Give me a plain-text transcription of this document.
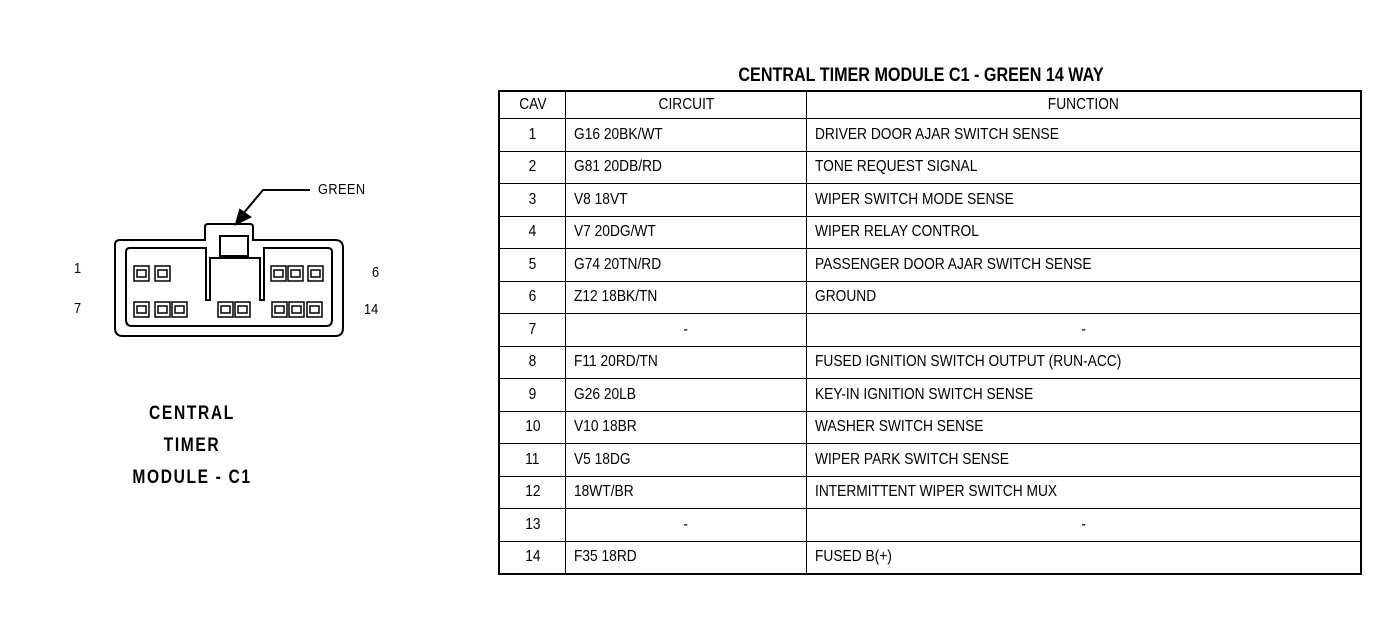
GREEN
1	6
7	14
CENTRAL TIMER
MODULE - C1
CENTRAL TIMER MODULE C1 - GREEN 14 WAY
CAV	CIRCUIT	FUNCTION
1	G16 20BK/WT	DRIVER DOOR AJAR SWITCH SENSE
2	G81 20DB/RD	TONE REQUEST SIGNAL
3	V8 18VT	WIPER SWITCH MODE SENSE
4	V7 20DG/WT	WIPER RELAY CONTROL
5	G74 20TN/RD	PASSENGER DOOR AJAR SWITCH SENSE
6	Z12 18BK/TN	GROUND
7	-	-
8	F11 20RD/TN	FUSED IGNITION SWITCH OUTPUT (RUN-ACC)
9	G26 20LB	KEY-IN IGNITION SWITCH SENSE
10	V10 18BR	WASHER SWITCH SENSE
11	V5 18DG	WIPER PARK SWITCH SENSE
12	18WT/BR	INTERMITTENT WIPER SWITCH MUX
13	-	-
14	F35 18RD	FUSED B(+)
